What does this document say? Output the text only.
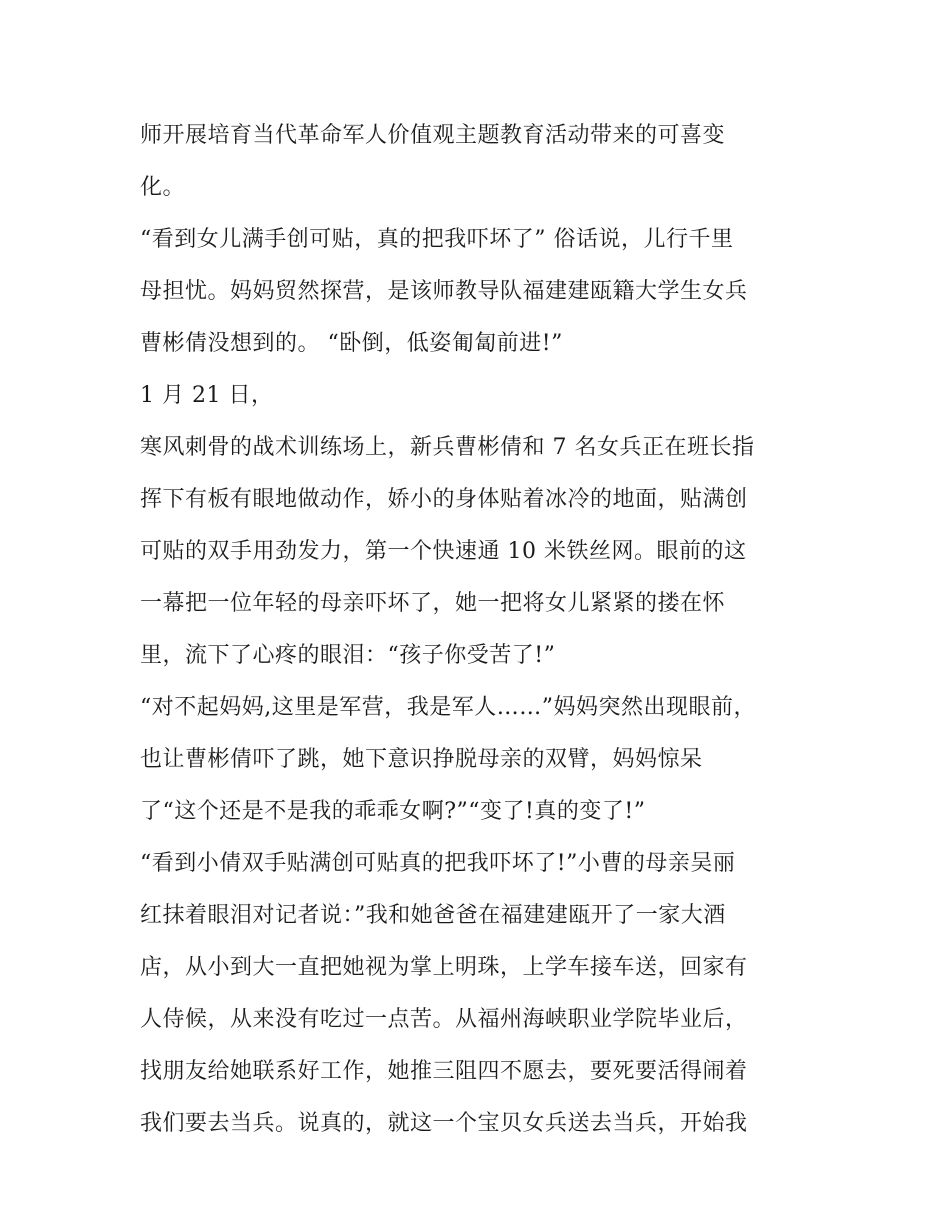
师开展培育当代革命军人价值观主题教育活动带来的可喜变
化。
“看到女儿满手创可贴，真的把我吓坏了” 俗话说，儿行千里
母担忧。妈妈贸然探营，是该师教导队福建建瓯籍大学生女兵
曹彬倩没想到的。 “卧倒，低姿匍匐前进!”
1 月 21 日，
寒风刺骨的战术训练场上，新兵曹彬倩和 7 名女兵正在班长指
挥下有板有眼地做动作，娇小的身体贴着冰冷的地面，贴满创
可贴的双手用劲发力，第一个快速通 10 米铁丝网。眼前的这
一幕把一位年轻的母亲吓坏了，她一把将女儿紧紧的搂在怀
里，流下了心疼的眼泪：“孩子你受苦了!”
“对不起妈妈,这里是军营，我是军人……”妈妈突然出现眼前，
也让曹彬倩吓了跳，她下意识挣脱母亲的双臂，妈妈惊呆
了“这个还是不是我的乖乖女啊?”“变了!真的变了!”
“看到小倩双手贴满创可贴真的把我吓坏了!”小曹的母亲吴丽
红抹着眼泪对记者说：”我和她爸爸在福建建瓯开了一家大酒
店，从小到大一直把她视为掌上明珠，上学车接车送，回家有
人侍候，从来没有吃过一点苦。从福州海峡职业学院毕业后，
找朋友给她联系好工作，她推三阻四不愿去，要死要活得闹着
我们要去当兵。说真的，就这一个宝贝女兵送去当兵，开始我
